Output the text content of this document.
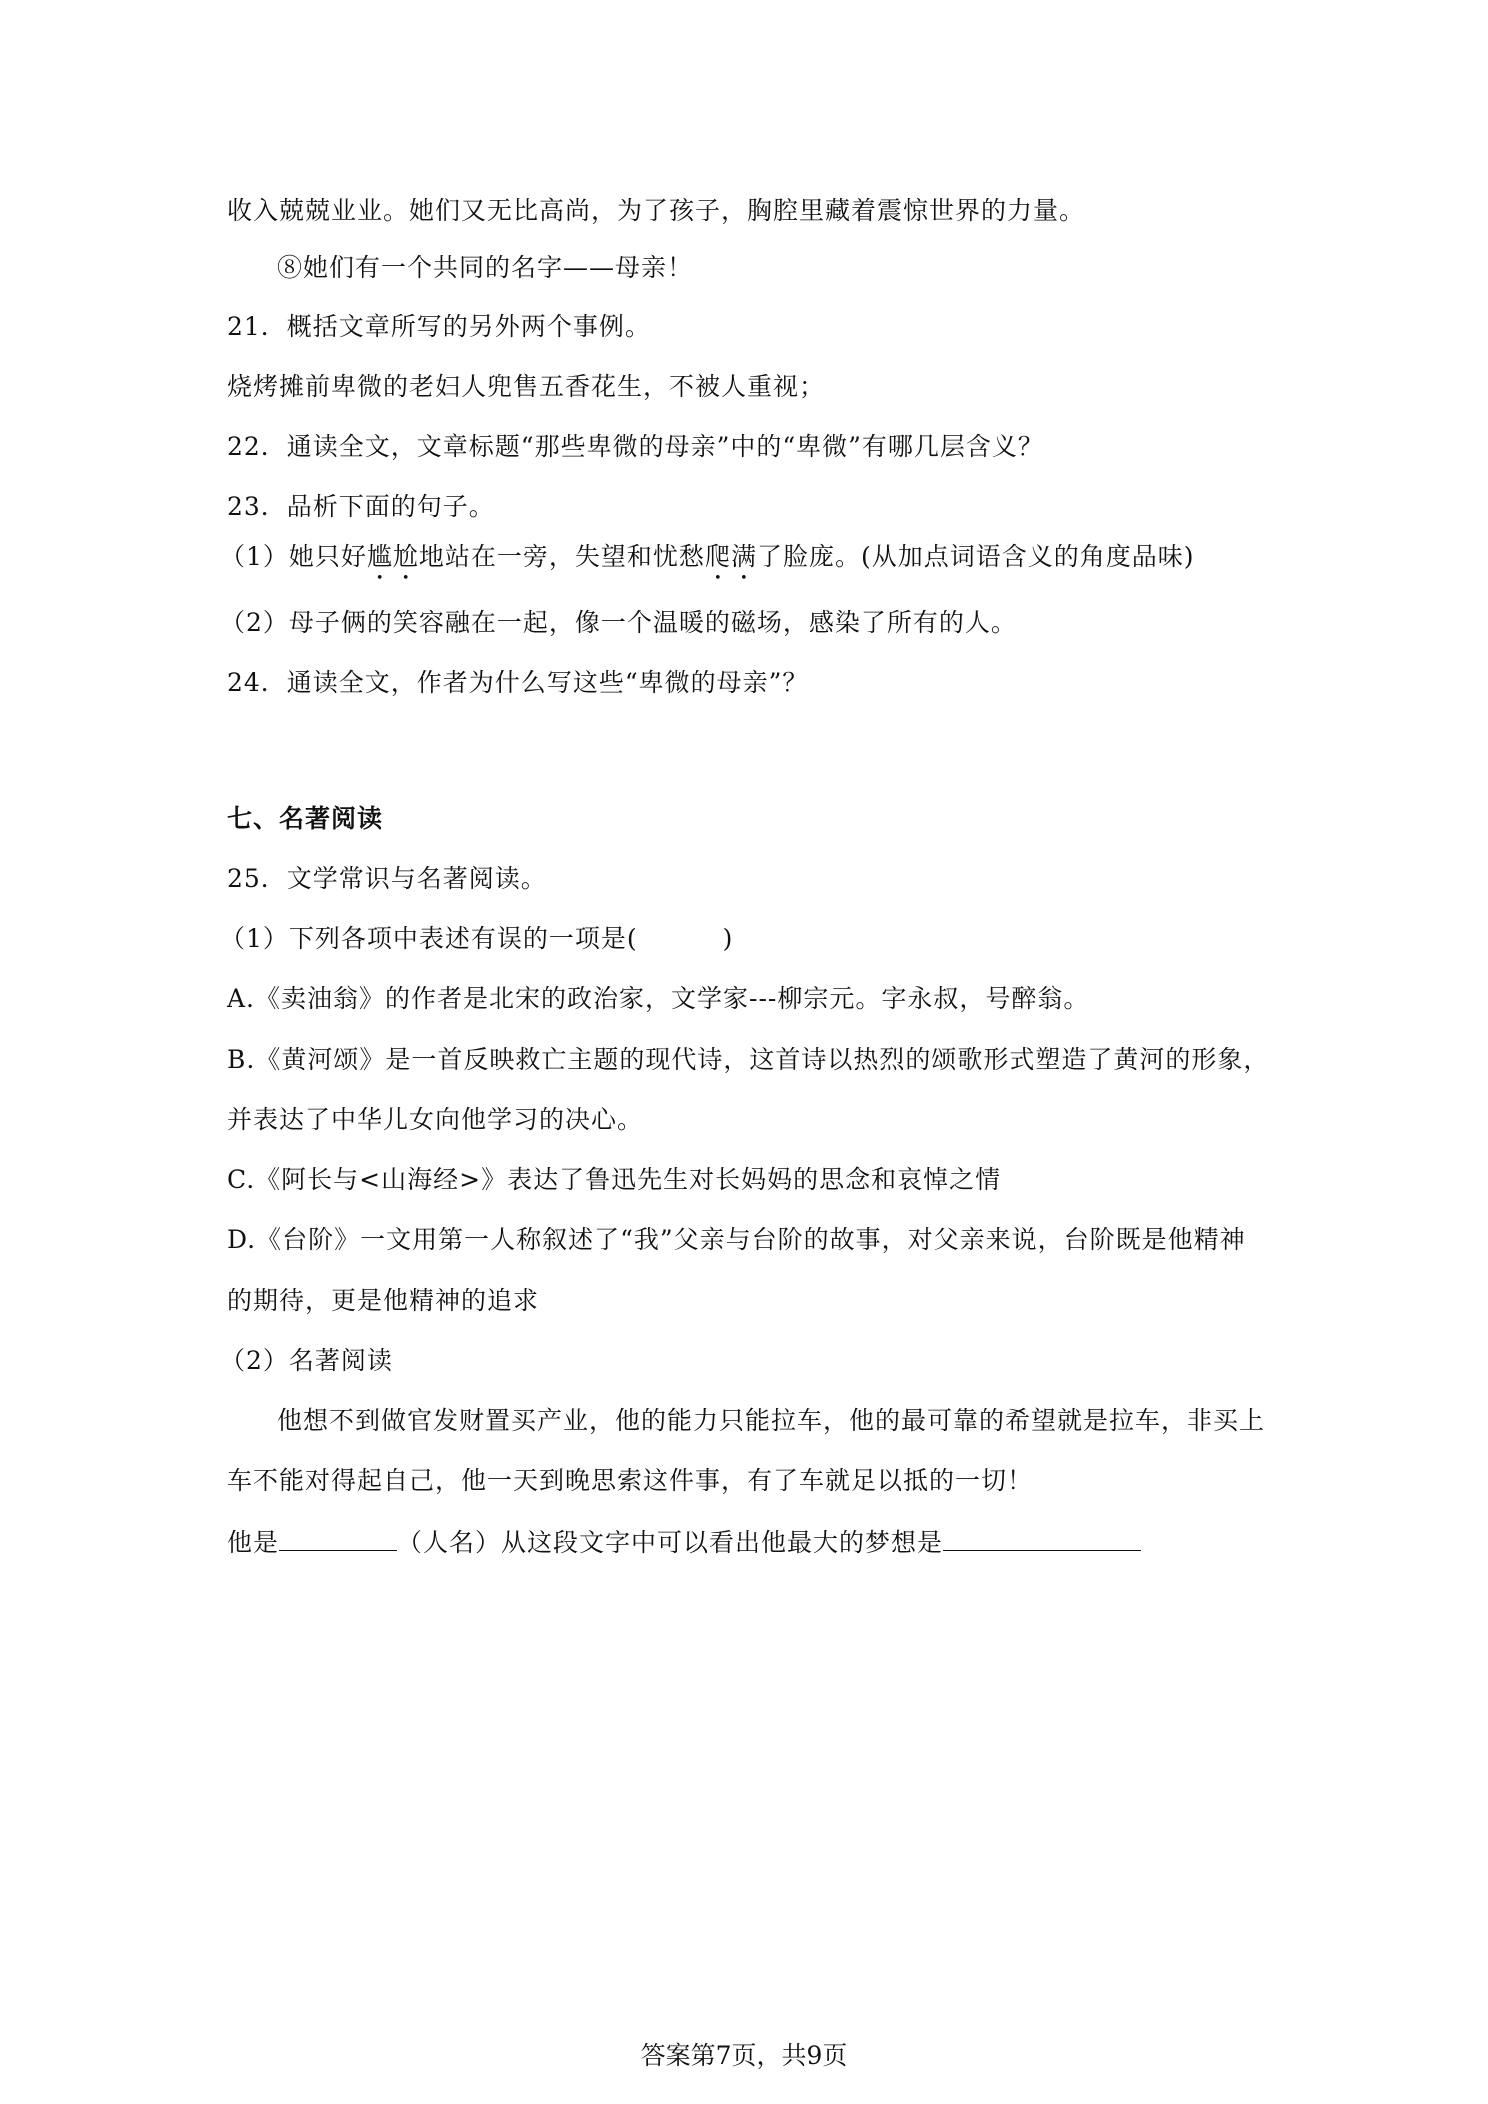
收入兢兢业业。她们又无比高尚，为了孩子，胸腔里藏着震惊世界的力量。
⑧她们有一个共同的名字——母亲！
21．概括文章所写的另外两个事例。
烧烤摊前卑微的老妇人兜售五香花生，不被人重视；
22．通读全文，文章标题“那些卑微的母亲”中的“卑微”有哪几层含义？
23．品析下面的句子。
（1）她只好尴尬地站在一旁，失望和忧愁爬满了脸庞。(从加点词语含义的角度品味)
（2）母子俩的笑容融在一起，像一个温暖的磁场，感染了所有的人。
24．通读全文，作者为什么写这些“卑微的母亲”？
七、名著阅读
25．文学常识与名著阅读。
（1）下列各项中表述有误的一项是(	)
A.《卖油翁》的作者是北宋的政治家，文学家---柳宗元。字永叔，号醉翁。
B.《黄河颂》是一首反映救亡主题的现代诗，这首诗以热烈的颂歌形式塑造了黄河的形象，
并表达了中华儿女向他学习的决心。
C.《阿长与<山海经>》表达了鲁迅先生对长妈妈的思念和哀悼之情
D.《台阶》一文用第一人称叙述了“我”父亲与台阶的故事，对父亲来说，台阶既是他精神
的期待，更是他精神的追求
（2）名著阅读
他想不到做官发财置买产业，他的能力只能拉车，他的最可靠的希望就是拉车，非买上
车不能对得起自己，他一天到晚思索这件事，有了车就足以抵的一切！
他是	（人名）从这段文字中可以看出他最大的梦想是
答案第7页，共9页
